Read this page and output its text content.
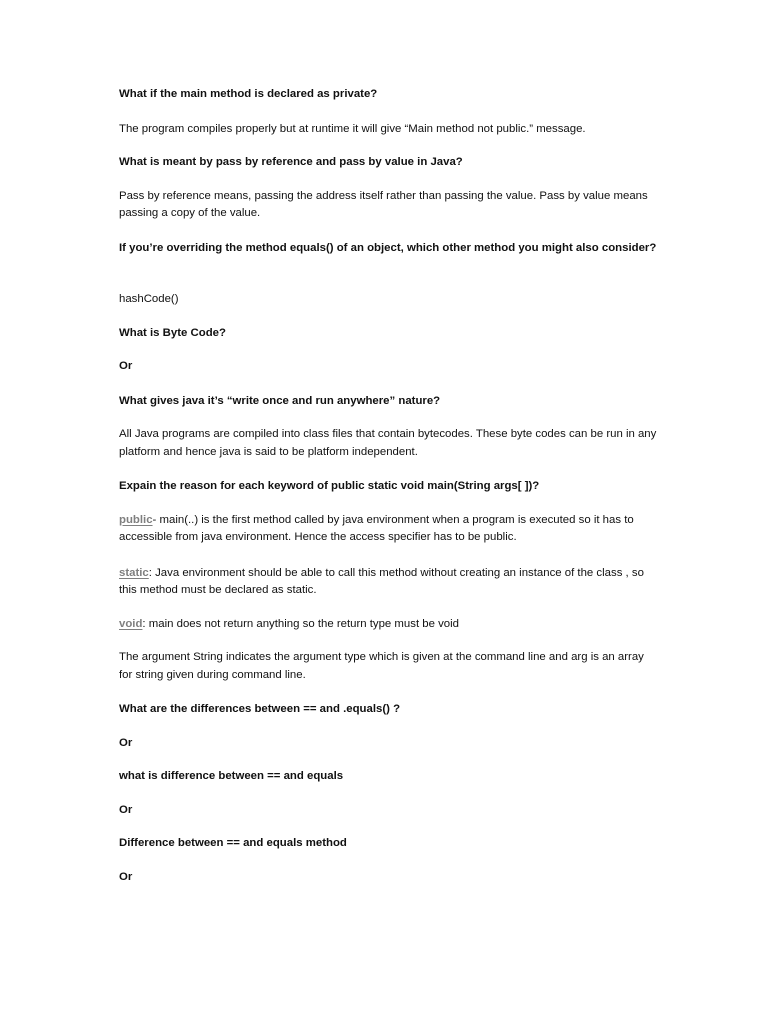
What if the main method is declared as private?

The program compiles properly but at runtime it will give “Main method not public.” message.

What is meant by pass by reference and pass by value in Java?

Pass by reference means, passing the address itself rather than passing the value. Pass by value means passing a copy of the value.

If you’re overriding the method equals() of an object, which other method you might also consider?

hashCode()

What is Byte Code?

Or

What gives java it’s “write once and run anywhere” nature?

All Java programs are compiled into class files that contain bytecodes. These byte codes can be run in any platform and hence java is said to be platform independent.

Expain the reason for each keyword of public static void main(String args[ ])?

public- main(..) is the first method called by java environment when a program is executed so it has to accessible from java environment. Hence the access specifier has to be public.

static: Java environment should be able to call this method without creating an instance of the class , so this method must be declared as static.

void: main does not return anything so the return type must be void

The argument String indicates the argument type which is given at the command line and arg is an array for string given during command line.

What are the differences between == and .equals() ?

Or

what is difference between == and equals

Or

Difference between == and equals method

Or
